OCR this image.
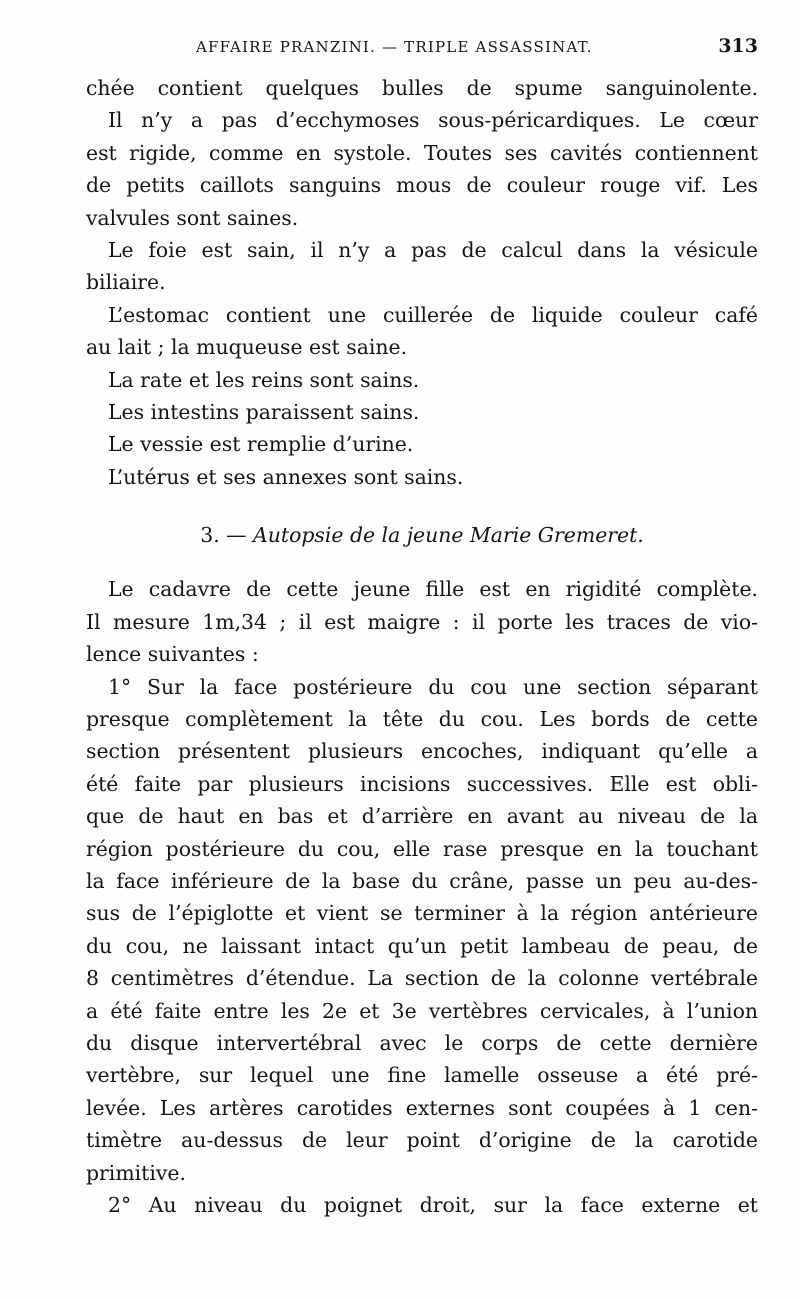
AFFAIRE PRANZINI. — TRIPLE ASSASSINAT.	313
chée contient quelques bulles de spume sanguinolente.
Il n’y a pas d’ecchymoses sous-péricardiques. Le cœur
est rigide, comme en systole. Toutes ses cavités contiennent
de petits caillots sanguins mous de couleur rouge vif. Les
valvules sont saines.
Le foie est sain, il n’y a pas de calcul dans la vésicule
biliaire.
L’estomac contient une cuillerée de liquide couleur café
au lait ; la muqueuse est saine.
La rate et les reins sont sains.
Les intestins paraissent sains.
Le vessie est remplie d’urine.
L’utérus et ses annexes sont sains.
3. — Autopsie de la jeune Marie Gremeret.
Le cadavre de cette jeune fille est en rigidité complète.
Il mesure 1m,34 ; il est maigre : il porte les traces de vio-
lence suivantes :
1° Sur la face postérieure du cou une section séparant
presque complètement la tête du cou. Les bords de cette
section présentent plusieurs encoches, indiquant qu’elle a
été faite par plusieurs incisions successives. Elle est obli-
que de haut en bas et d’arrière en avant au niveau de la
région postérieure du cou, elle rase presque en la touchant
la face inférieure de la base du crâne, passe un peu au-des-
sus de l’épiglotte et vient se terminer à la région antérieure
du cou, ne laissant intact qu’un petit lambeau de peau, de
8 centimètres d’étendue. La section de la colonne vertébrale
a été faite entre les 2e et 3e vertèbres cervicales, à l’union
du disque intervertébral avec le corps de cette dernière
vertèbre, sur lequel une fine lamelle osseuse a été pré-
levée. Les artères carotides externes sont coupées à 1 cen-
timètre au-dessus de leur point d’origine de la carotide
primitive.
2° Au niveau du poignet droit, sur la face externe et
